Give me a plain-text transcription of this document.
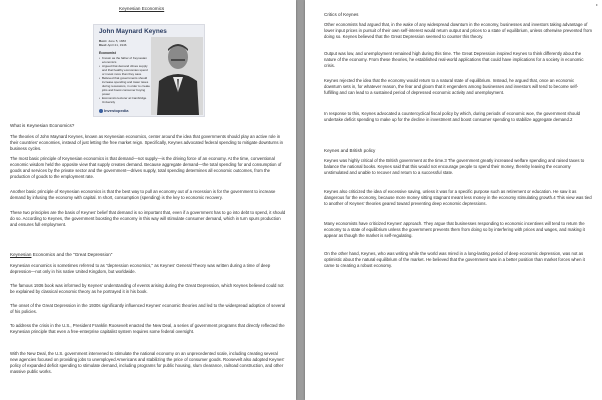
Keynesian Economics

John Maynard Keynes

Born: June 5, 1883
Died: April 21, 1946

Economist

• Known as the father of Keynesian economics
• Argued that demand drives supply and that healthy economies spend or invest more than they save
• Believed that governments should increase spending and lower taxes during recessions, in order to create jobs and boost consumer buying power
• Economics lecturer at Cambridge University

Investopedia

What is Keynesian Economics?

The theories of John Maynard Keynes, known as Keynesian economics, center around the idea that governments should play an active role in their countries' economies, instead of just letting the free market reign. Specifically, Keynes advocated federal spending to mitigate downturns in business cycles.

The most basic principle of Keynesian economics is that demand—not supply—is the driving force of an economy. At the time, conventional economic wisdom held the opposite view that supply creates demand. Because aggregate demand—the total spending for and consumption of goods and services by the private sector and the government—drives supply, total spending determines all economic outcomes, from the production of goods to the employment rate.

Another basic principle of Keynesian economics is that the best way to pull an economy out of a recession is for the government to increase demand by infusing the economy with capital. In short, consumption (spending) is the key to economic recovery.

These two principles are the basis of Keynes' belief that demand is so important that, even if a government has to go into debt to spend, it should do so. According to Keynes, the government boosting the economy in this way will stimulate consumer demand, which in turn spurs production and ensures full employment.

Keynesian Economics and the "Great Depression"

Keynesian economics is sometimes referred to as "depression economics," as Keynes' General Theory was written during a time of deep depression—not only in his native United Kingdom, but worldwide.

The famous 1936 book was informed by Keynes' understanding of events arising during the Great Depression, which Keynes believed could not be explained by classical economic theory as he portrayed it in his book.

The onset of the Great Depression in the 1930s significantly influenced Keynes' economic theories and led to the widespread adoption of several of his policies.

To address the crisis in the U.S., President Franklin Roosevelt enacted the New Deal, a series of government programs that directly reflected the Keynesian principle that even a free-enterprise capitalist system requires some federal oversight.

With the New Deal, the U.S. government intervened to stimulate the national economy on an unprecedented scale, including creating several new agencies focused on providing jobs to unemployed Americans and stabilizing the price of consumer goods. Roosevelt also adopted Keynes' policy of expanded deficit spending to stimulate demand, including programs for public housing, slum clearance, railroad construction, and other massive public works.

▸

Critics of Keynes

Other economists had argued that, in the wake of any widespread downturn in the economy, businesses and investors taking advantage of lower input prices in pursuit of their own self-interest would return output and prices to a state of equilibrium, unless otherwise prevented from doing so. Keynes believed that the Great Depression seemed to counter this theory.

Output was low, and unemployment remained high during this time. The Great Depression inspired Keynes to think differently about the nature of the economy. From these theories, he established real-world applications that could have implications for a society in economic crisis.

Keynes rejected the idea that the economy would return to a natural state of equilibrium. Instead, he argued that, once an economic downturn sets in, for whatever reason, the fear and gloom that it engenders among businesses and investors will tend to become self-fulfilling and can lead to a sustained period of depressed economic activity and unemployment.

In response to this, Keynes advocated a countercyclical fiscal policy by which, during periods of economic woe, the government should undertake deficit spending to make up for the decline in investment and boost consumer spending to stabilize aggregate demand.2

Keynes and British policy

Keynes was highly critical of the British government at the time.3 The government greatly increased welfare spending and raised taxes to balance the national books. Keynes said that this would not encourage people to spend their money, thereby leaving the economy unstimulated and unable to recover and return to a successful state.

Keynes also criticized the idea of excessive saving, unless it was for a specific purpose such as retirement or education. He saw it as dangerous for the economy, because more money sitting stagnant meant less money in the economy stimulating growth.4 This view was tied to another of Keynes' theories geared toward preventing deep economic depressions.

Many economists have criticized Keynes' approach. They argue that businesses responding to economic incentives will tend to return the economy to a state of equilibrium unless the government prevents them from doing so by interfering with prices and wages, and making it appear as though the market is self-regulating.

On the other hand, Keynes, who was writing while the world was mired in a long-lasting period of deep economic depression, was not as optimistic about the natural equilibrium of the market. He believed that the government was in a better position than market forces when it came to creating a robust economy.
